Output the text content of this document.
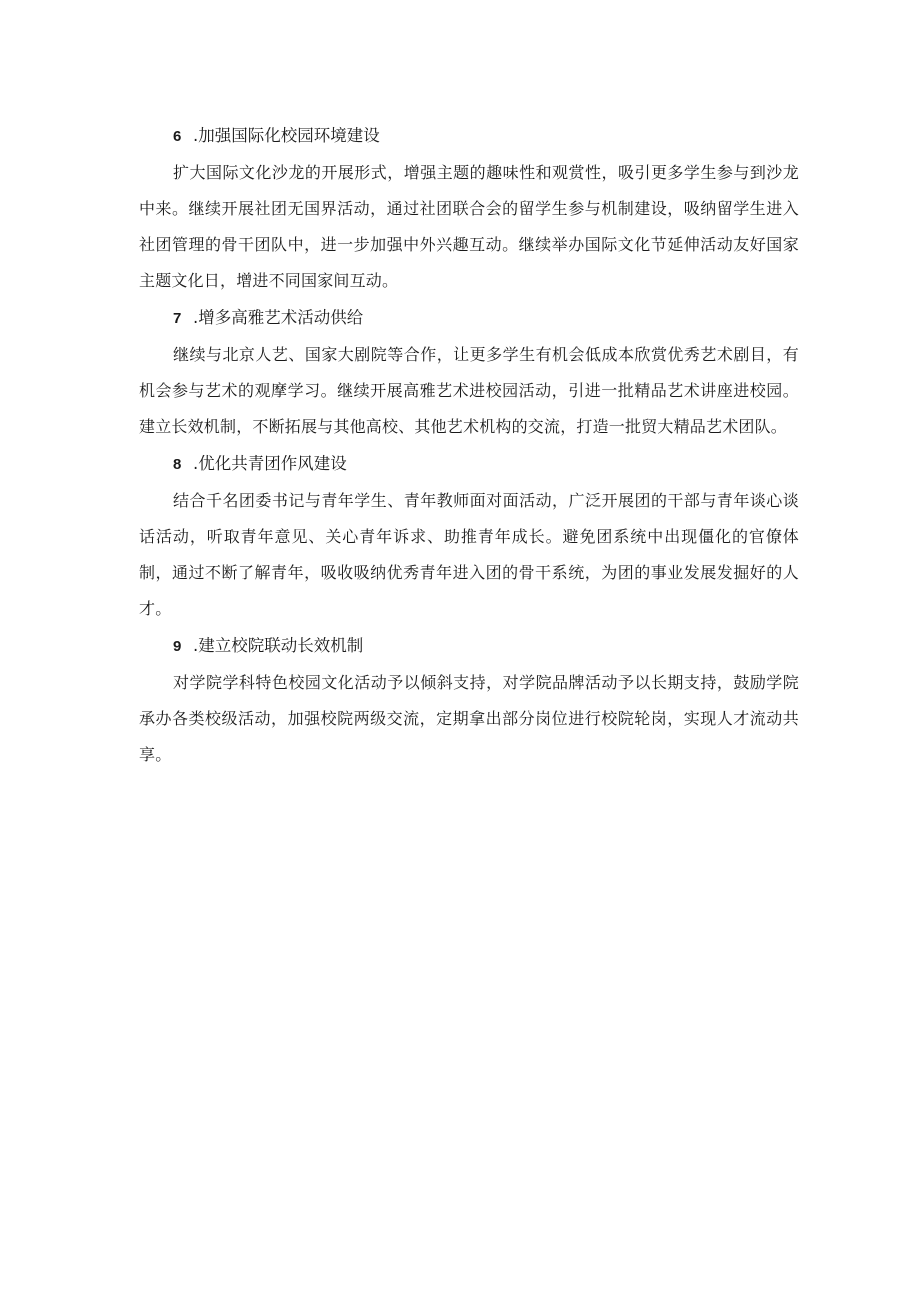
6 .加强国际化校园环境建设

扩大国际文化沙龙的开展形式，增强主题的趣味性和观赏性，吸引更多学生参与到沙龙中来。继续开展社团无国界活动，通过社团联合会的留学生参与机制建设，吸纳留学生进入社团管理的骨干团队中，进一步加强中外兴趣互动。继续举办国际文化节延伸活动友好国家主题文化日，增进不同国家间互动。

7 .增多高雅艺术活动供给

继续与北京人艺、国家大剧院等合作，让更多学生有机会低成本欣赏优秀艺术剧目，有机会参与艺术的观摩学习。继续开展高雅艺术进校园活动，引进一批精品艺术讲座进校园。建立长效机制，不断拓展与其他高校、其他艺术机构的交流，打造一批贸大精品艺术团队。

8 .优化共青团作风建设

结合千名团委书记与青年学生、青年教师面对面活动，广泛开展团的干部与青年谈心谈话活动，听取青年意见、关心青年诉求、助推青年成长。避免团系统中出现僵化的官僚体制，通过不断了解青年，吸收吸纳优秀青年进入团的骨干系统，为团的事业发展发掘好的人才。

9 .建立校院联动长效机制

对学院学科特色校园文化活动予以倾斜支持，对学院品牌活动予以长期支持，鼓励学院承办各类校级活动，加强校院两级交流，定期拿出部分岗位进行校院轮岗，实现人才流动共享。
